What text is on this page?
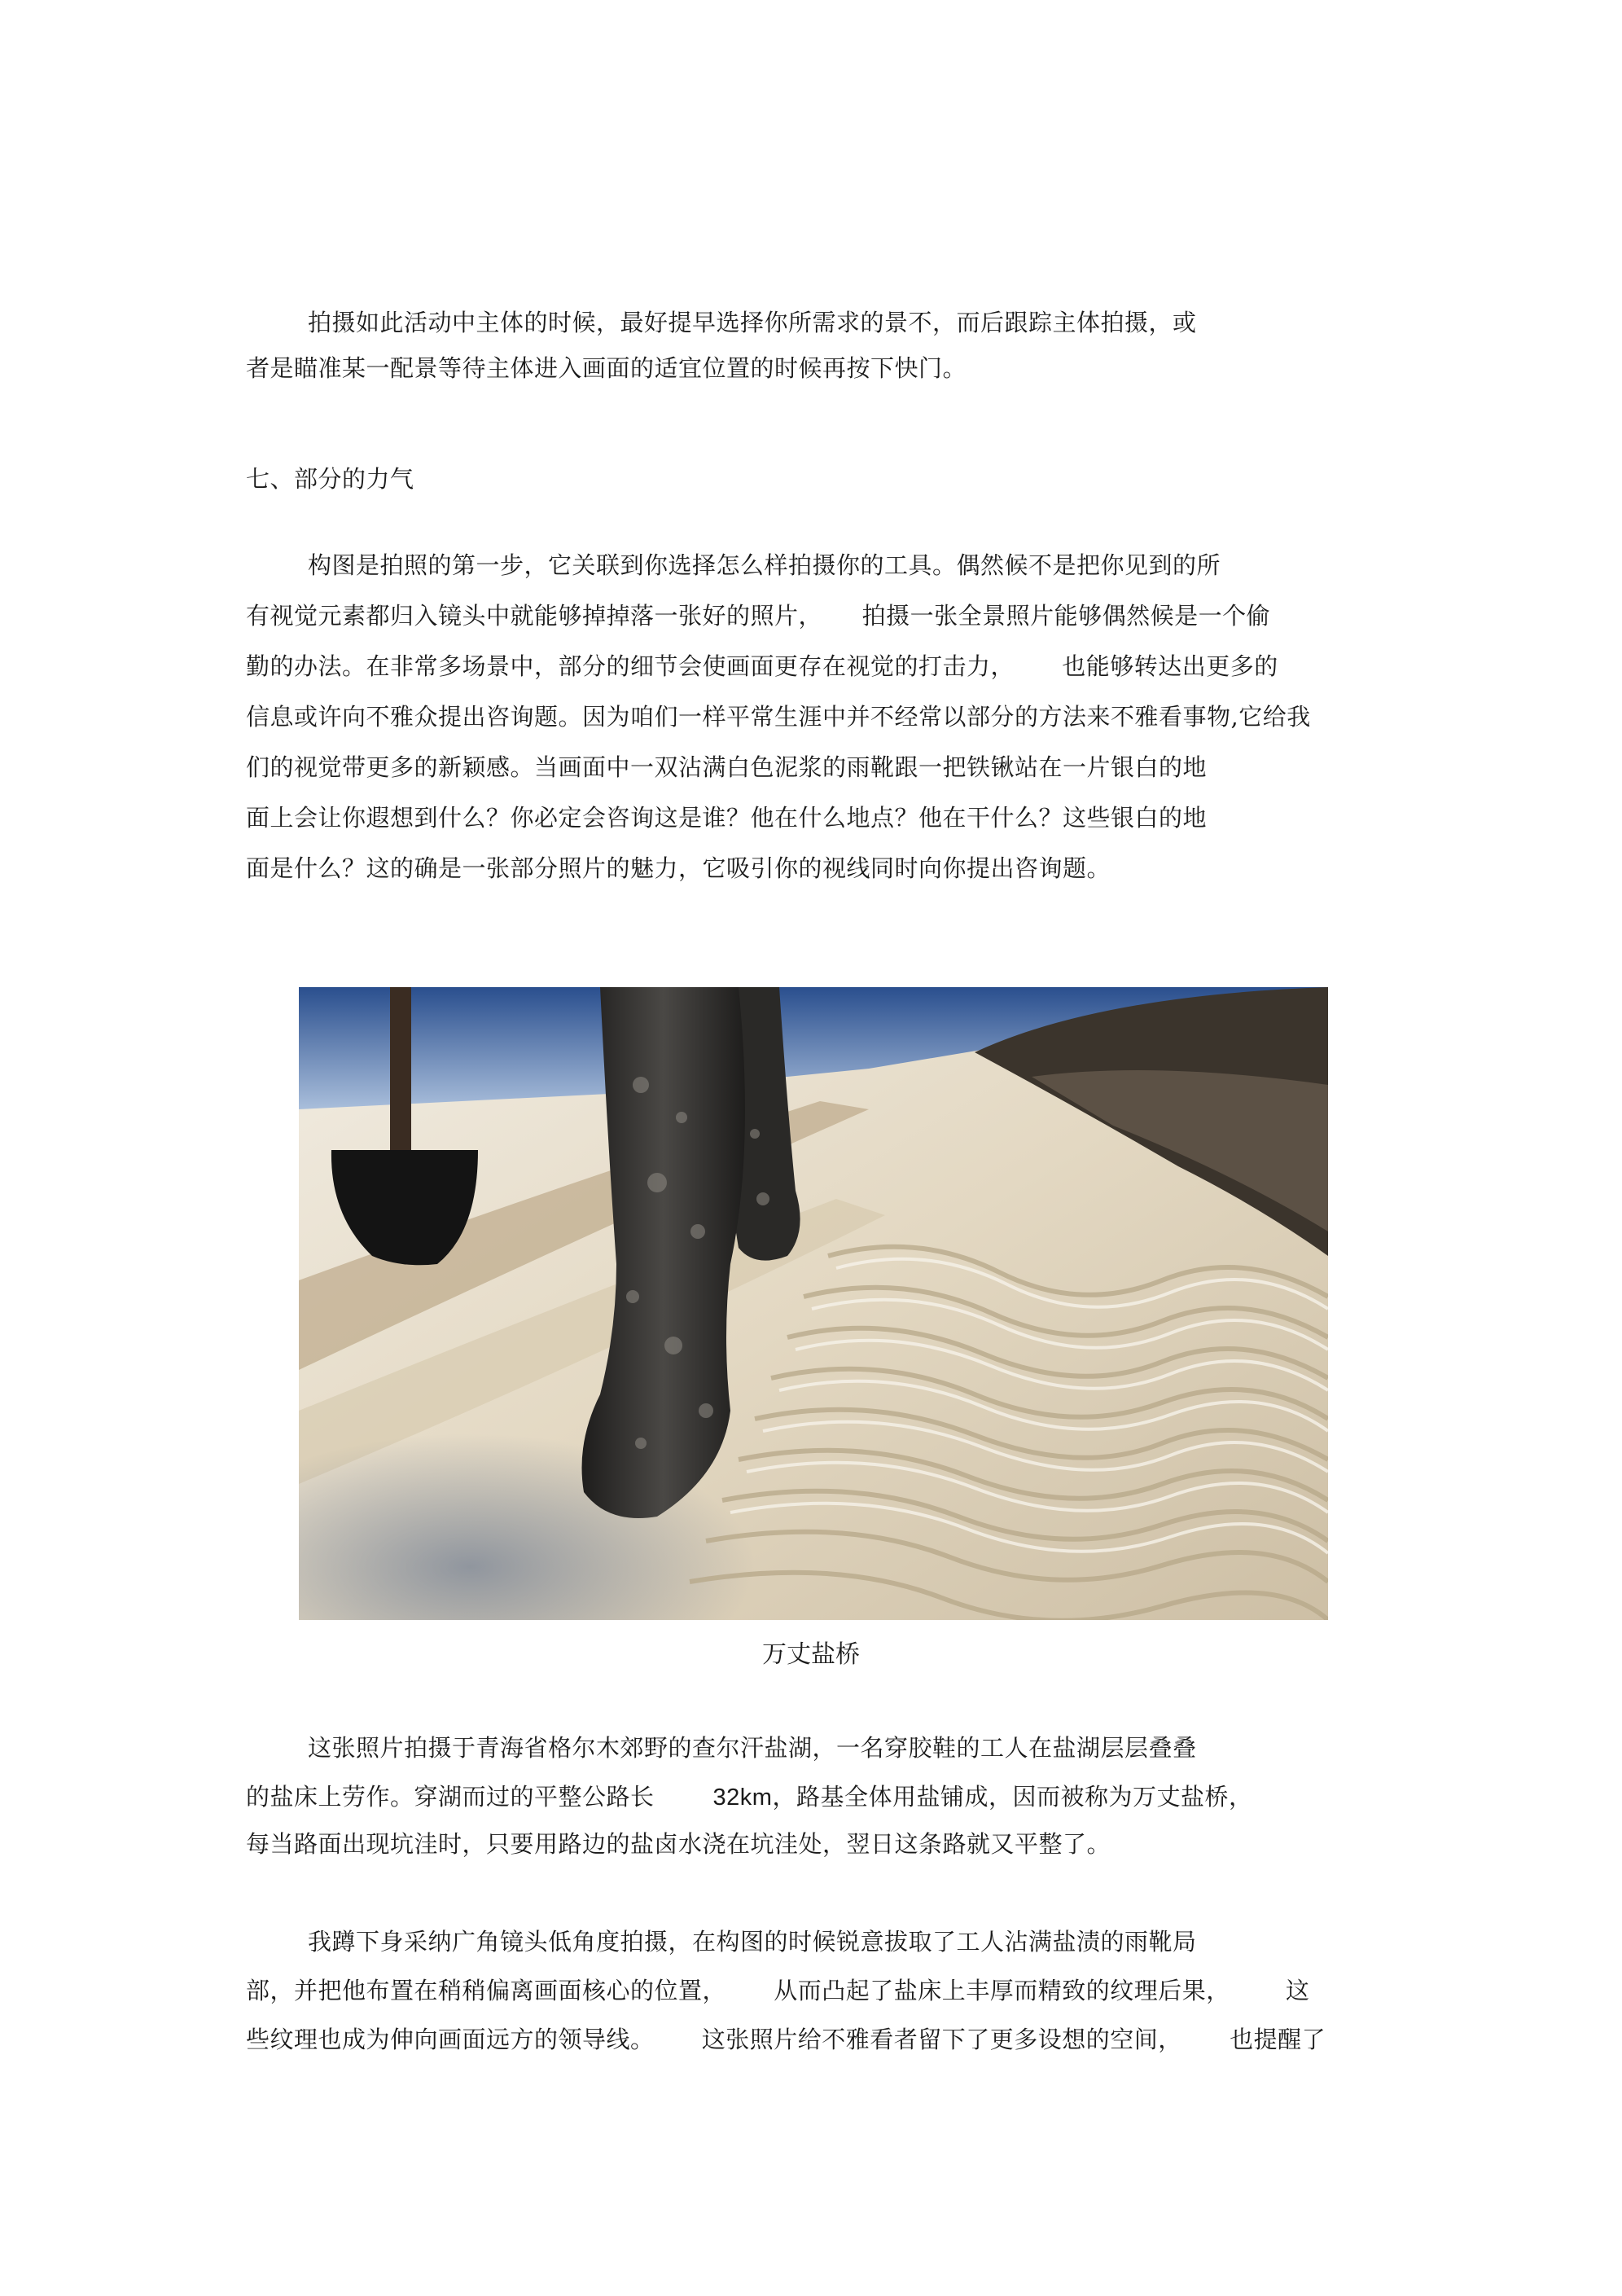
拍摄如此活动中主体的时候，最好提早选择你所需求的景不，而后跟踪主体拍摄，或
者是瞄准某一配景等待主体进入画面的适宜位置的时候再按下快门。
七、部分的力气
构图是拍照的第一步，它关联到你选择怎么样拍摄你的工具。偶然候不是把你见到的所
有视觉元素都归入镜头中就能够掉掉落一张好的照片，     拍摄一张全景照片能够偶然候是一个偷
勤的办法。在非常多场景中，部分的细节会使画面更存在视觉的打击力，      也能够转达出更多的
信息或许向不雅众提出咨询题。因为咱们一样平常生涯中并不经常以部分的方法来不雅看事物,它给我
们的视觉带更多的新颖感。当画面中一双沾满白色泥浆的雨靴跟一把铁锹站在一片银白的地
面上会让你遐想到什么？你必定会咨询这是谁？他在什么地点？他在干什么？这些银白的地
面是什么？这的确是一张部分照片的魅力，它吸引你的视线同时向你提出咨询题。
万丈盐桥
这张照片拍摄于青海省格尔木郊野的查尔汗盐湖，一名穿胶鞋的工人在盐湖层层叠叠
的盐床上劳作。穿湖而过的平整公路长 32km，路基全体用盐铺成，因而被称为万丈盐桥，
每当路面出现坑洼时，只要用路边的盐卤水浇在坑洼处，翌日这条路就又平整了。
我蹲下身采纳广角镜头低角度拍摄，在构图的时候锐意拔取了工人沾满盐渍的雨靴局
部，并把他布置在稍稍偏离画面核心的位置，      从而凸起了盐床上丰厚而精致的纹理后果，       这
些纹理也成为伸向画面远方的领导线。      这张照片给不雅看者留下了更多设想的空间，      也提醒了
